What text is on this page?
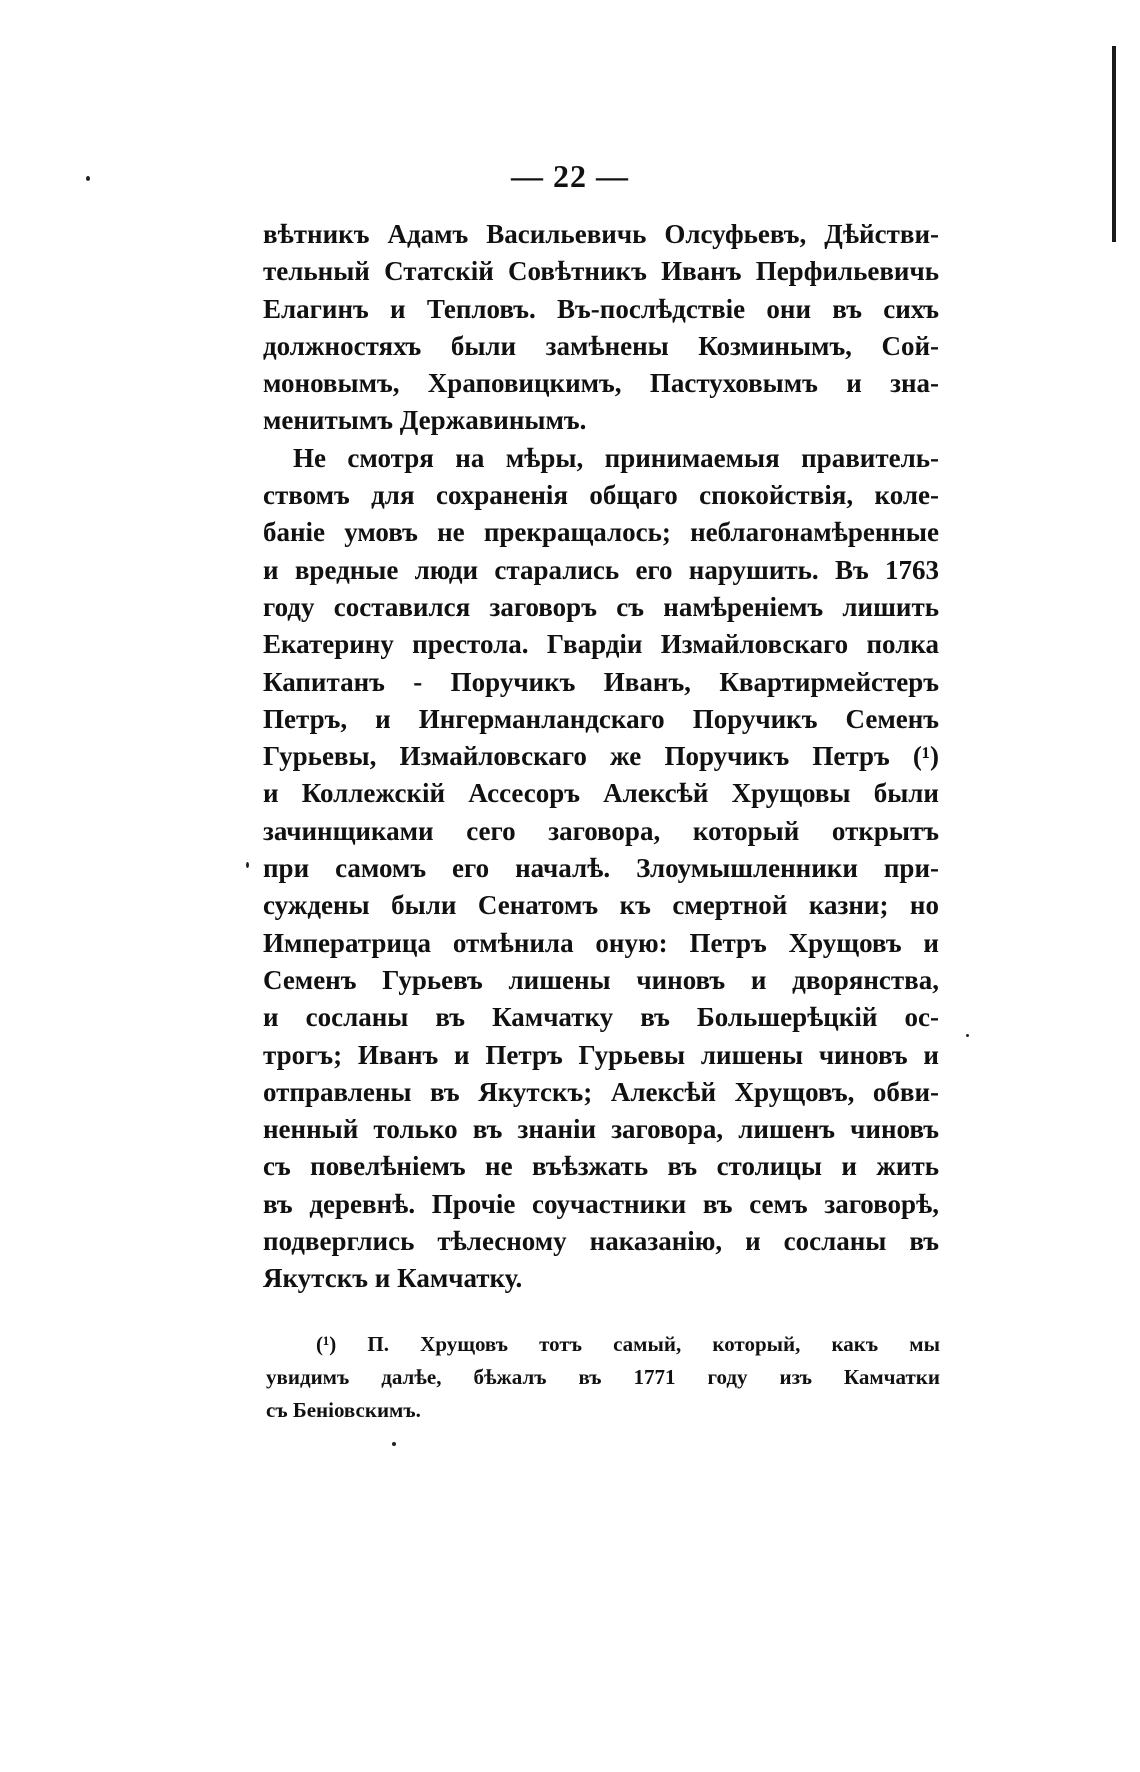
— 22 —
вѣтникъ Адамъ Васильевичь Олсуфьевъ, Дѣйстви-
тельный Статскій Совѣтникъ Иванъ Перфильевичь
Елагинъ и Тепловъ. Въ-послѣдствіе они въ сихъ
должностяхъ были замѣнены Козминымъ, Сой-
моновымъ, Храповицкимъ, Пастуховымъ и зна-
менитымъ Державинымъ.
Не смотря на мѣры, принимаемыя правитель-
ствомъ для сохраненія общаго спокойствія, коле-
баніе умовъ не прекращалось; неблагонамѣренные
и вредные люди старались его нарушить. Въ 1763
году составился заговоръ съ намѣреніемъ лишить
Екатерину престола. Гвардіи Измайловскаго полка
Капитанъ - Поручикъ Иванъ, Квартирмейстеръ
Петръ, и Ингерманландскаго Поручикъ Семенъ
Гурьевы, Измайловскаго же Поручикъ Петръ (¹)
и Коллежскій Ассесоръ Алексѣй Хрущовы были
зачинщиками сего заговора, который открытъ
при самомъ его началѣ. Злоумышленники при-
суждены были Сенатомъ къ смертной казни; но
Императрица отмѣнила оную: Петръ Хрущовъ и
Семенъ Гурьевъ лишены чиновъ и дворянства,
и сосланы въ Камчатку въ Большерѣцкій ос-
трогъ; Иванъ и Петръ Гурьевы лишены чиновъ и
отправлены въ Якутскъ; Алексѣй Хрущовъ, обви-
ненный только въ знаніи заговора, лишенъ чиновъ
съ повелѣніемъ не въѣзжать въ столицы и жить
въ деревнѣ. Прочіе соучастники въ семъ заговорѣ,
подверглись тѣлесному наказанію, и сосланы въ
Якутскъ и Камчатку.
(¹) П. Хрущовъ тотъ самый, который, какъ мы
увидимъ далѣе, бѣжалъ въ 1771 году изъ Камчатки
съ Беніовскимъ.
